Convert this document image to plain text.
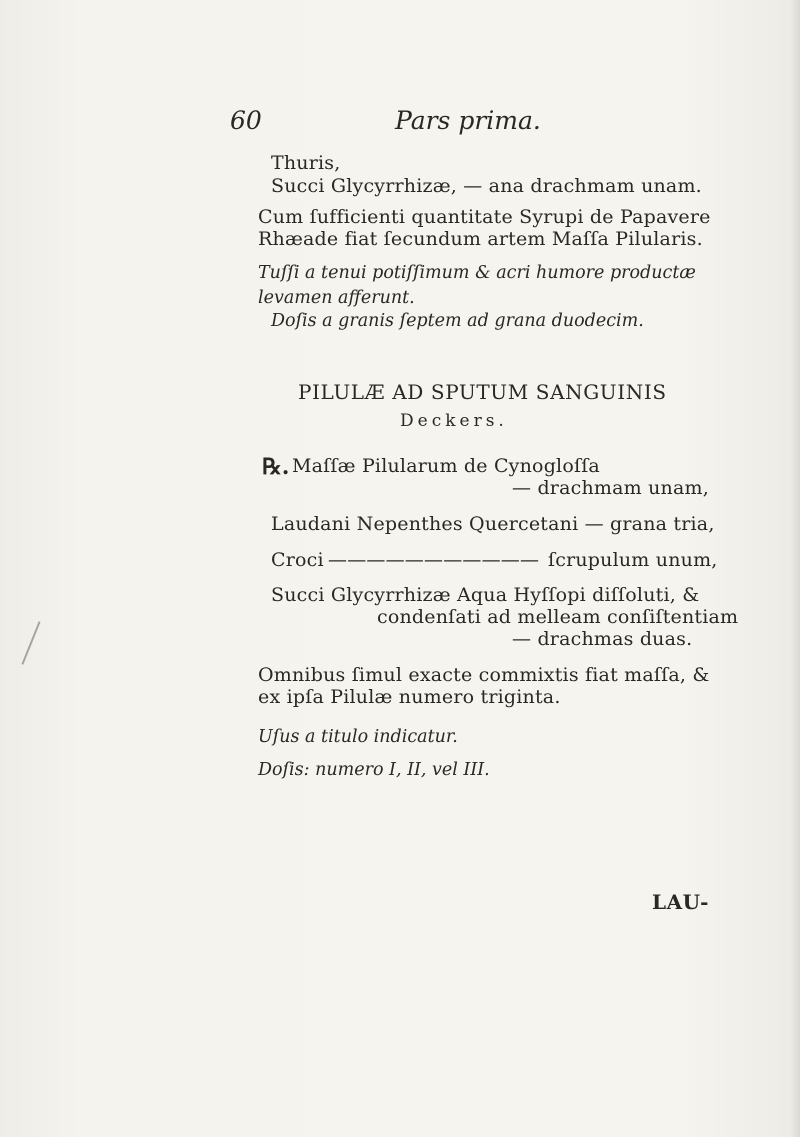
60	Pars prima.
Thuris,
Succi Glycyrrhizæ, — ana drachmam unam.
Cum ſufficienti quantitate Syrupi de Papavere
Rhæade fiat ſecundum artem Maſſa Pilularis.
Tuſſi a tenui potiſſimum & acri humore productæ
levamen afferunt.
Doſis a granis ſeptem ad grana duodecim.
PILULÆ AD SPUTUM SANGUINIS
Deckers.
℞. Maſſæ Pilularum de Cynogloſſa
— drachmam unam,
Laudani Nepenthes Quercetani — grana tria,
Croci ——————————— ſcrupulum unum,
Succi Glycyrrhizæ Aqua Hyſſopi diſſoluti, &
condenſati ad melleam conſiſtentiam
— drachmas duas.
Omnibus ſimul exacte commixtis fiat maſſa, &
ex ipſa Pilulæ numero triginta.
Uſus a titulo indicatur.
Doſis: numero I, II, vel III.
LAU-
